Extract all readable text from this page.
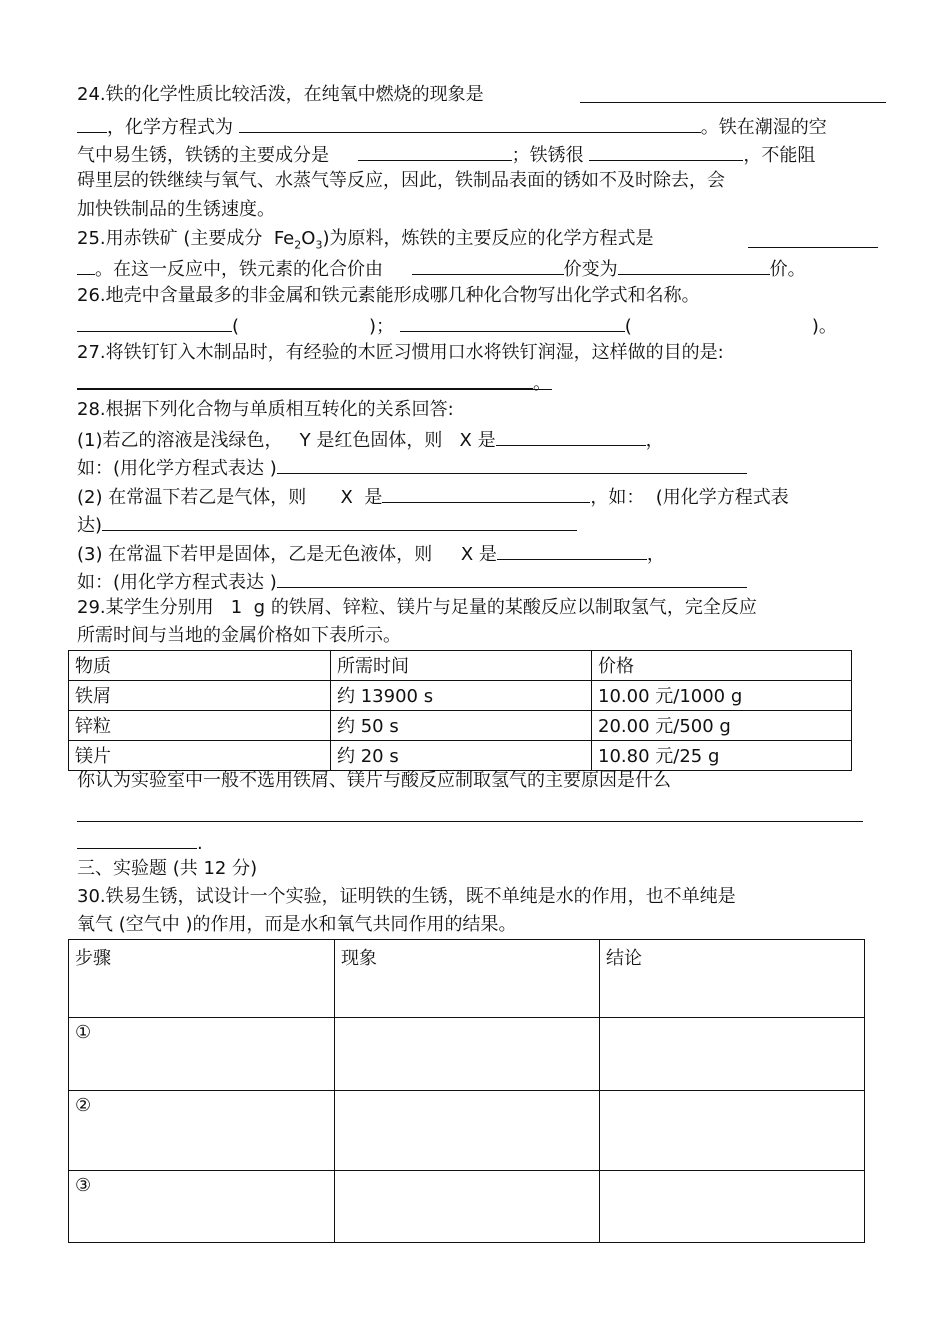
24.铁的化学性质比较活泼，在纯氧中燃烧的现象是
，化学方程式为	。铁在潮湿的空
气中易生锈，铁锈的主要成分是	；铁锈很	，不能阻
碍里层的铁继续与氧气、水蒸气等反应，因此，铁制品表面的锈如不及时除去，会
加快铁制品的生锈速度。
25.用赤铁矿 (主要成分  $Fe_2O_3$)为原料，炼铁的主要反应的化学方程式是
。在这一反应中，铁元素的化合价由	价变为	价。
26.地壳中含量最多的非金属和铁元素能形成哪几种化合物写出化学式和名称。
(	)；	(	)。
27.将铁钉钉入木制品时，有经验的木匠习惯用口水将铁钉润湿，这样做的目的是:
。
28.根据下列化合物与单质相互转化的关系回答:
(1)若乙的溶液是浅绿色，   Y 是红色固体，则   X 是	，
如：(用化学方程式表达 )
(2) 在常温下若乙是气体，则      X  是	，如：  (用化学方程式表
达)
(3) 在常温下若甲是固体，乙是无色液体，则     X 是	，
如：(用化学方程式表达 )
29.某学生分别用   1  g 的铁屑、锌粒、镁片与足量的某酸反应以制取氢气，完全反应
所需时间与当地的金属价格如下表所示。
物质	所需时间	价格
铁屑	约 13900 s	10.00 元/1000 g
锌粒	约 50 s	20.00 元/500 g
镁片	约 20 s	10.80 元/25 g
你认为实验室中一般不选用铁屑、镁片与酸反应制取氢气的主要原因是什么
.
三、实验题 (共 12 分)
30.铁易生锈，试设计一个实验，证明铁的生锈，既不单纯是水的作用，也不单纯是
氧气 (空气中 )的作用，而是水和氧气共同作用的结果。
步骤	现象	结论
①		
②		
③		
